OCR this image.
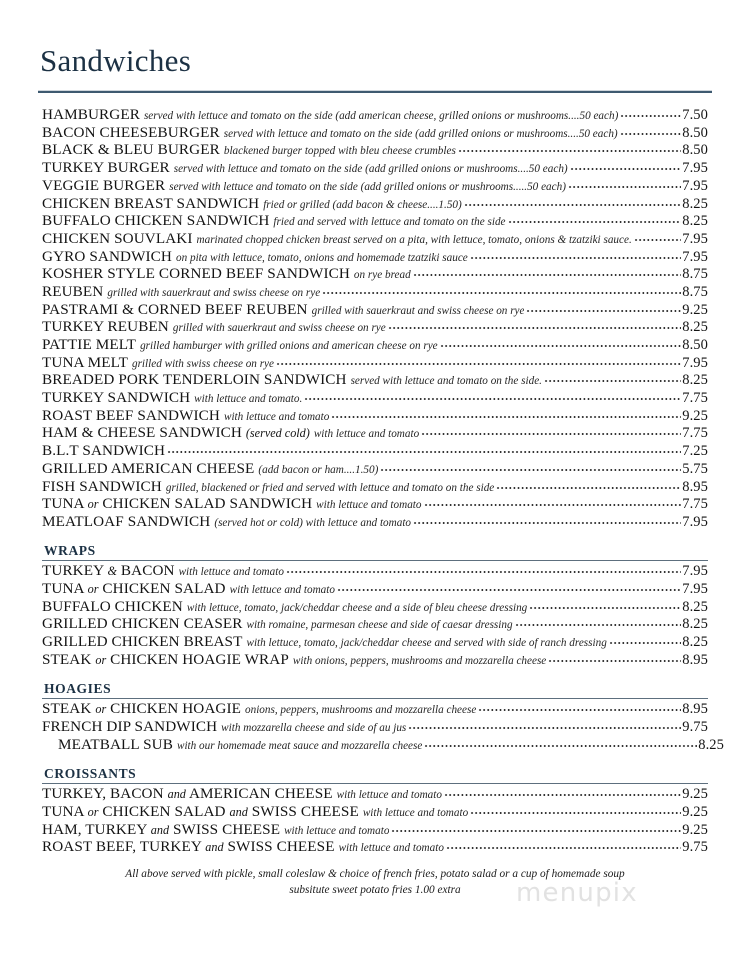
Sandwiches
HAMBURGER served with lettuce and tomato on the side (add american cheese, grilled onions or mushrooms....50 each)	7.50
BACON CHEESEBURGER served with lettuce and tomato on the side (add grilled onions or mushrooms....50 each)	8.50
BLACK & BLEU BURGER blackened burger topped with bleu cheese crumbles	8.50
TURKEY BURGER served with lettuce and tomato on the side (add grilled onions or mushrooms....50 each)	7.95
VEGGIE BURGER served with lettuce and tomato on the side (add grilled onions or mushrooms.....50 each)	7.95
CHICKEN BREAST SANDWICH fried or grilled (add bacon & cheese....1.50)	8.25
BUFFALO CHICKEN SANDWICH fried and served with lettuce and tomato on the side	8.25
CHICKEN SOUVLAKI marinated chopped chicken breast served on a pita, with lettuce, tomato, onions & tzatziki sauce.	7.95
GYRO SANDWICH on pita with lettuce, tomato, onions and homemade tzatziki sauce	7.95
KOSHER STYLE CORNED BEEF SANDWICH on rye bread	8.75
REUBEN grilled with sauerkraut and swiss cheese on rye	8.75
PASTRAMI & CORNED BEEF REUBEN grilled with sauerkraut and swiss cheese on rye	9.25
TURKEY REUBEN grilled with sauerkraut and swiss cheese on rye	8.25
PATTIE MELT grilled hamburger with grilled onions and american cheese on rye	8.50
TUNA MELT grilled with swiss cheese on rye	7.95
BREADED PORK TENDERLOIN SANDWICH served with lettuce and tomato on the side.	8.25
TURKEY SANDWICH with lettuce and tomato.	7.75
ROAST BEEF SANDWICH with lettuce and tomato	9.25
HAM & CHEESE SANDWICH (served cold) with lettuce and tomato	7.75
B.L.T SANDWICH	7.25
GRILLED AMERICAN CHEESE (add bacon or ham....1.50)	5.75
FISH SANDWICH grilled, blackened or fried and served with lettuce and tomato on the side	8.95
TUNA or CHICKEN SALAD SANDWICH with lettuce and tomato	7.75
MEATLOAF SANDWICH (served hot or cold) with lettuce and tomato	7.95
WRAPS
TURKEY & BACON with lettuce and tomato	7.95
TUNA or CHICKEN SALAD with lettuce and tomato	7.95
BUFFALO CHICKEN with lettuce, tomato, jack/cheddar cheese and a side of bleu cheese dressing	8.25
GRILLED CHICKEN CEASER with romaine, parmesan cheese and side of caesar dressing	8.25
GRILLED CHICKEN BREAST with lettuce, tomato, jack/cheddar cheese and served with side of ranch dressing	8.25
STEAK or CHICKEN HOAGIE WRAP with onions, peppers, mushrooms and mozzarella cheese	8.95
HOAGIES
STEAK or CHICKEN HOAGIE onions, peppers, mushrooms and mozzarella cheese	8.95
FRENCH DIP SANDWICH with mozzarella cheese and side of au jus	9.75
MEATBALL SUB with our homemade meat sauce and mozzarella cheese	8.25
CROISSANTS
TURKEY, BACON and AMERICAN CHEESE with lettuce and tomato	9.25
TUNA or CHICKEN SALAD and SWISS CHEESE with lettuce and tomato	9.25
HAM, TURKEY and SWISS CHEESE with lettuce and tomato	9.25
ROAST BEEF, TURKEY and SWISS CHEESE with lettuce and tomato	9.75
All above served with pickle, small coleslaw & choice of french fries, potato salad or a cup of homemade soup
subsitute sweet potato fries 1.00 extra	menupix
